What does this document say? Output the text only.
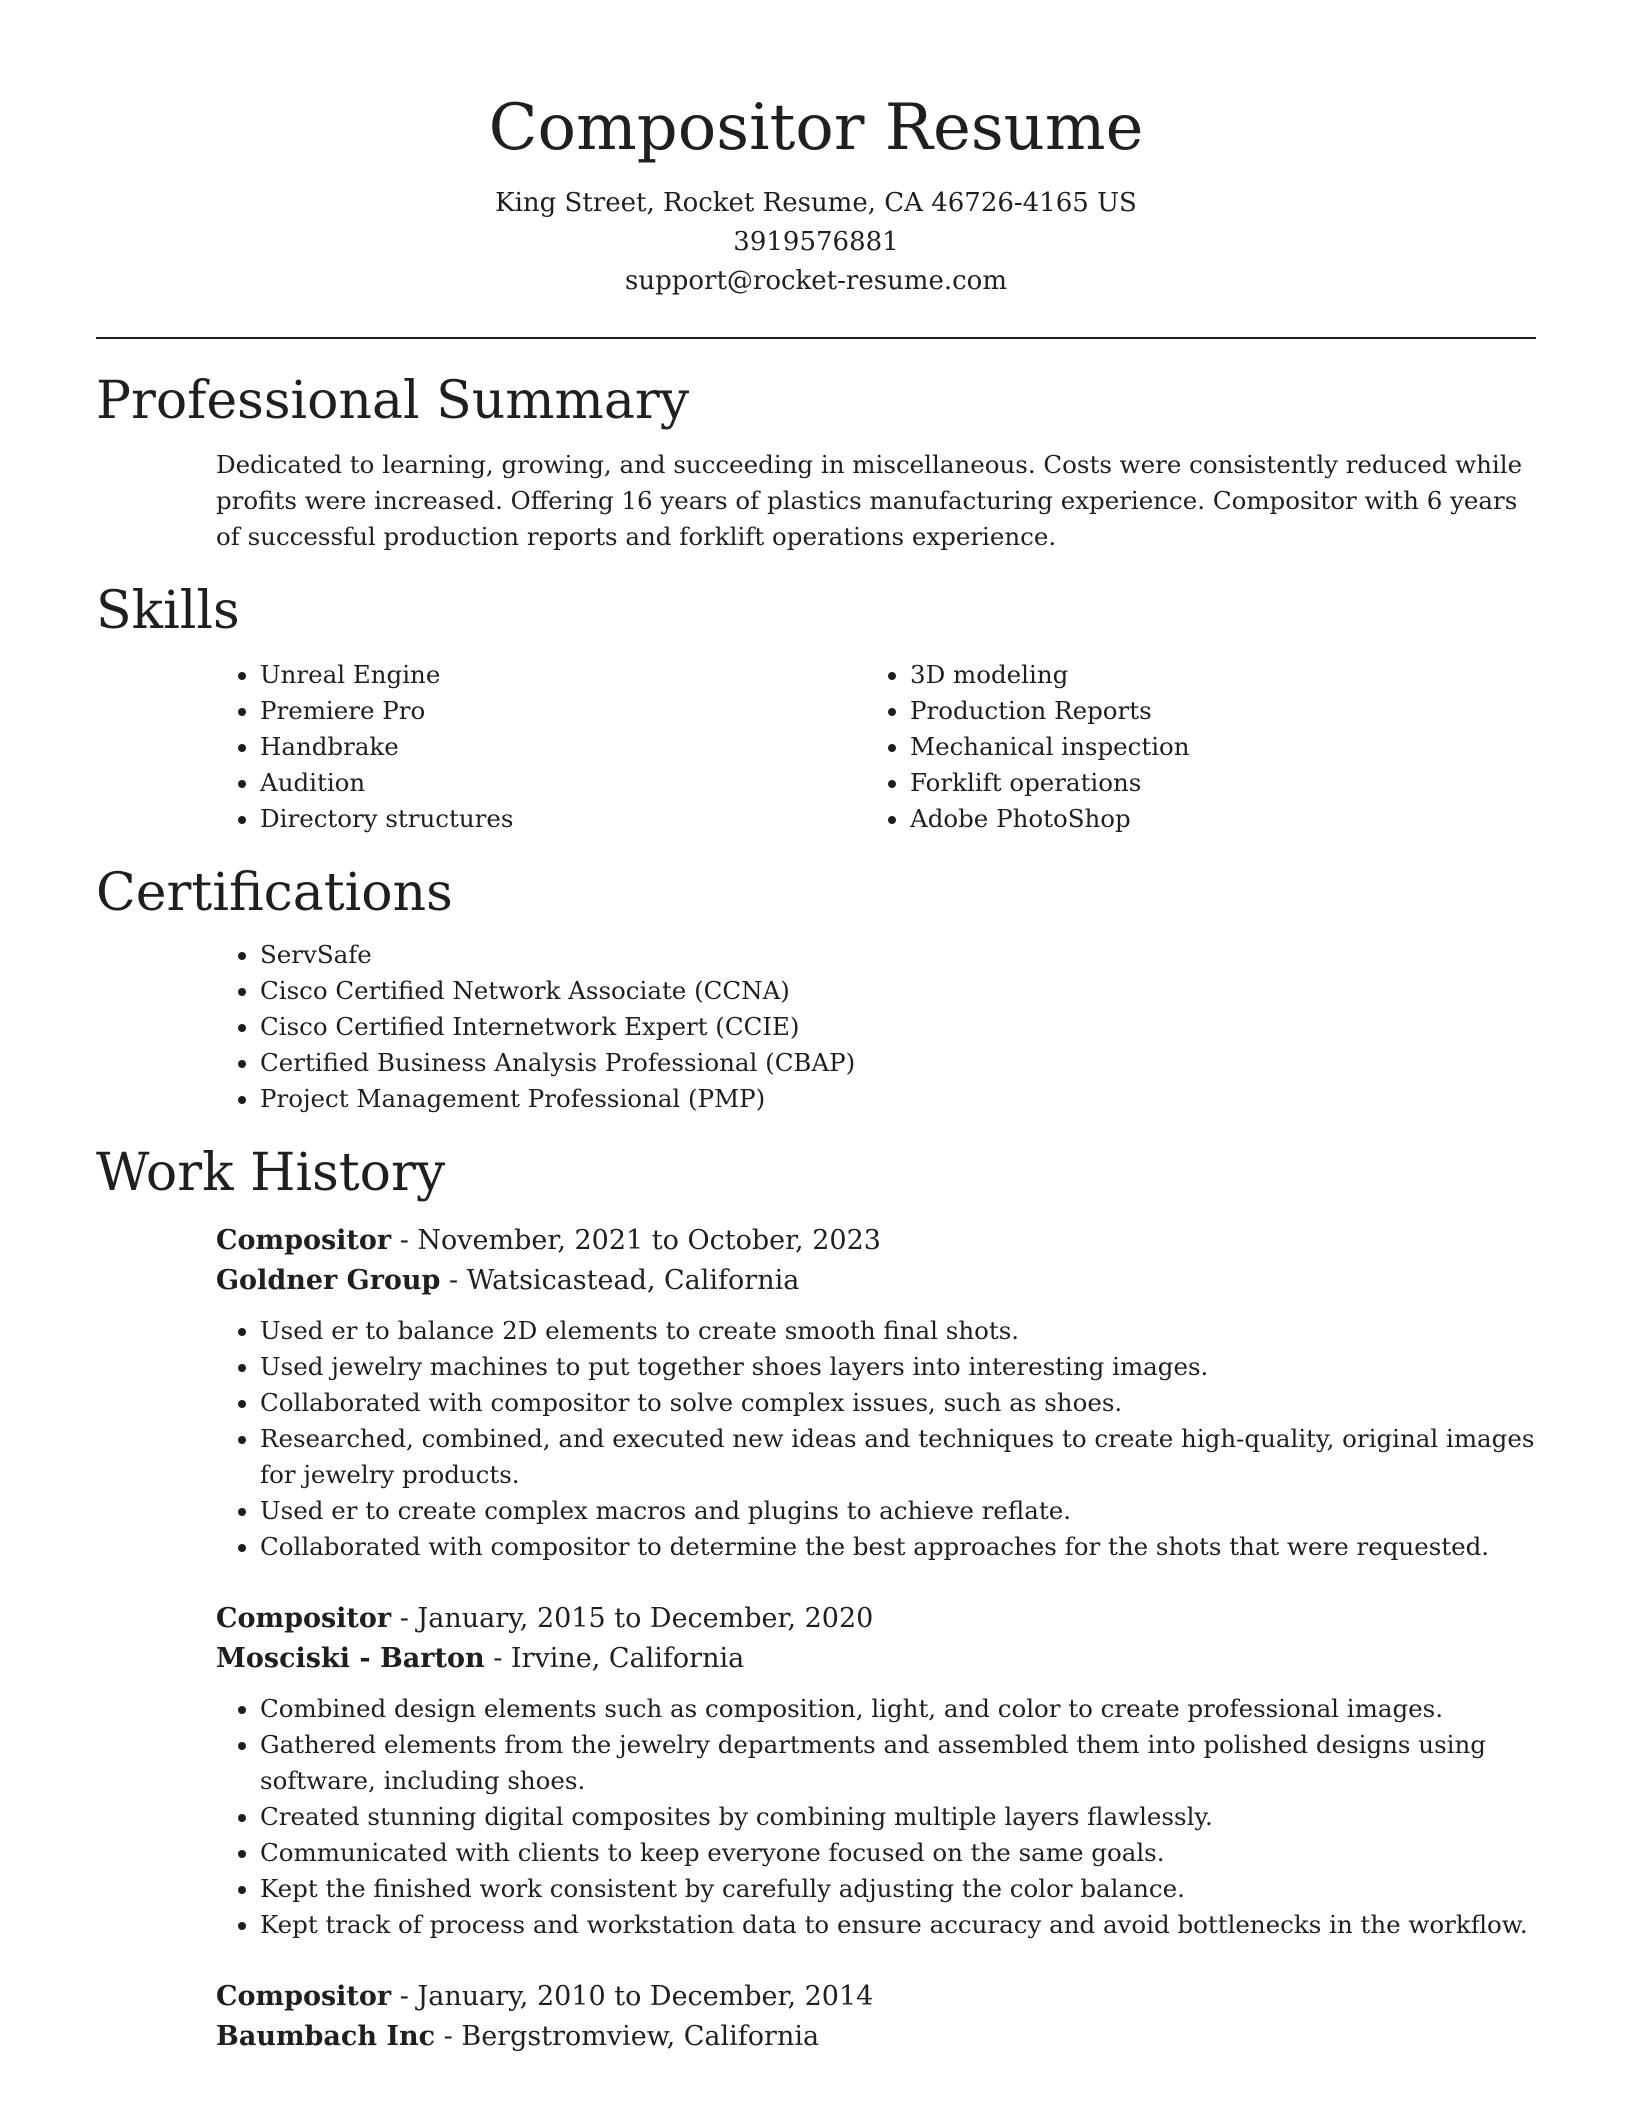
Compositor Resume

King Street, Rocket Resume, CA 46726-4165 US

3919576881

support@rocket-resume.com

Professional Summary

Dedicated to learning, growing, and succeeding in miscellaneous. Costs were consistently reduced while profits were increased. Offering 16 years of plastics manufacturing experience. Compositor with 6 years of successful production reports and forklift operations experience.

Skills
• Unreal Engine
• Premiere Pro
• Handbrake
• Audition
• Directory structures
• 3D modeling
• Production Reports
• Mechanical inspection
• Forklift operations
• Adobe PhotoShop
Certifications
• ServSafe
• Cisco Certified Network Associate (CCNA)
• Cisco Certified Internetwork Expert (CCIE)
• Certified Business Analysis Professional (CBAP)
• Project Management Professional (PMP)
Work History

Compositor - November, 2021 to October, 2023

Goldner Group - Watsicastead, California

• Used er to balance 2D elements to create smooth final shots.
• Used jewelry machines to put together shoes layers into interesting images.
• Collaborated with compositor to solve complex issues, such as shoes.
• Researched, combined, and executed new ideas and techniques to create high-quality, original images for jewelry products.
• Used er to create complex macros and plugins to achieve reflate.
• Collaborated with compositor to determine the best approaches for the shots that were requested.

Compositor - January, 2015 to December, 2020

Mosciski - Barton - Irvine, California

• Combined design elements such as composition, light, and color to create professional images.
• Gathered elements from the jewelry departments and assembled them into polished designs using software, including shoes.
• Created stunning digital composites by combining multiple layers flawlessly.
• Communicated with clients to keep everyone focused on the same goals.
• Kept the finished work consistent by carefully adjusting the color balance.
• Kept track of process and workstation data to ensure accuracy and avoid bottlenecks in the workflow.

Compositor - January, 2010 to December, 2014

Baumbach Inc - Bergstromview, California
